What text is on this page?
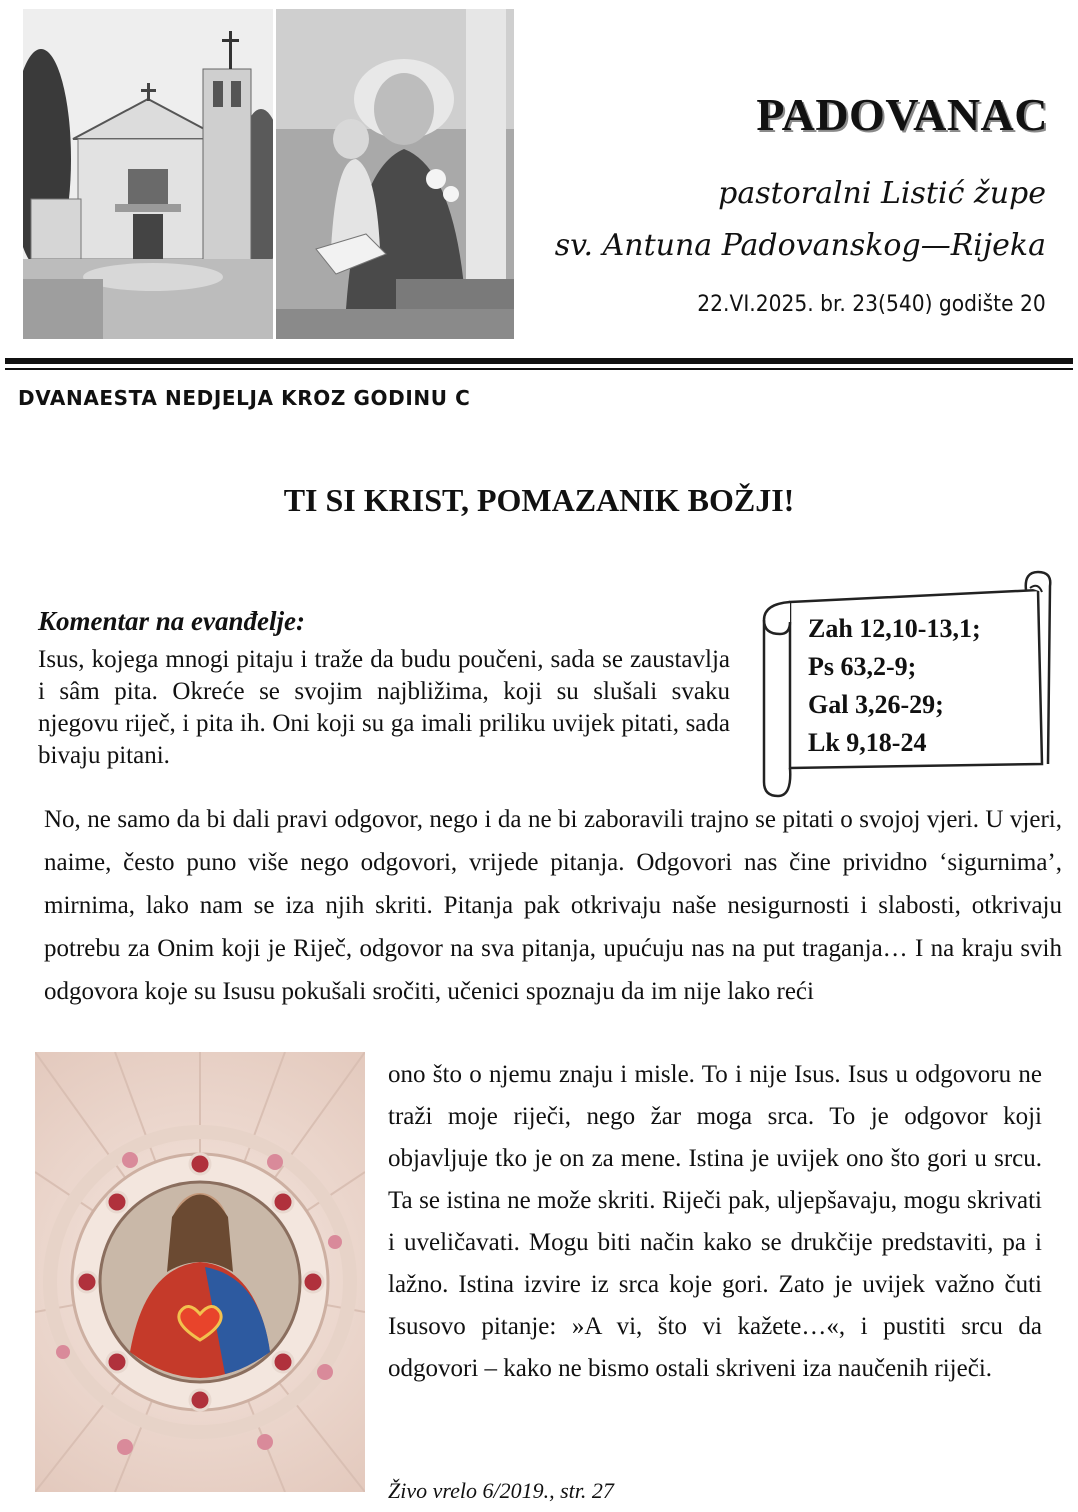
PADOVANAC
pastoralni Listić župe
sv. Antuna Padovanskog—Rijeka
22.VI.2025. br. 23(540) godište 20
DVANAESTA NEDJELJA KROZ GODINU C
TI SI KRIST, POMAZANIK BOŽJI!
Zah 12,10-13,1;
Ps 63,2-9;
Gal 3,26-29;
Lk 9,18-24
Komentar na evanđelje:
Isus, kojega mnogi pitaju i traže da budu poučeni, sada se zaustavlja i sâm pita. Okreće se svojim najbližima, koji su slušali svaku njegovu riječ, i pita ih. Oni koji su ga imali priliku uvijek pitati, sada bivaju pitani.
No, ne samo da bi dali pravi odgovor, nego i da ne bi zaboravili trajno se pitati o svojoj vjeri. U vjeri, naime, često puno više nego odgovori, vrijede pitanja. Odgovori nas čine prividno ‘sigurnima’, mirnima, lako nam se iza njih skriti. Pitanja pak otkrivaju naše nesigurnosti i slabosti, otkrivaju potrebu za Onim koji je Riječ, odgovor na sva pitanja, upućuju nas na put traganja… I na kraju svih odgovora koje su Isusu pokušali sročiti, učenici spoznaju da im nije lako reći
ono što o njemu znaju i misle. To i nije Isus. Isus u odgovoru ne traži moje riječi, nego žar moga srca. To je odgovor koji objavljuje tko je on za mene. Istina je uvijek ono što gori u srcu. Ta se istina ne može skriti. Riječi pak, uljepšavaju, mogu skrivati i uveličavati. Mogu biti način kako se drukčije predstaviti, pa i lažno. Istina izvire iz srca koje gori. Zato je uvijek važno čuti Isusovo pitanje: »A vi, što vi kažete…«, i pustiti srcu da odgovori – kako ne bismo ostali skriveni iza naučenih riječi.
Živo vrelo 6/2019., str. 27
